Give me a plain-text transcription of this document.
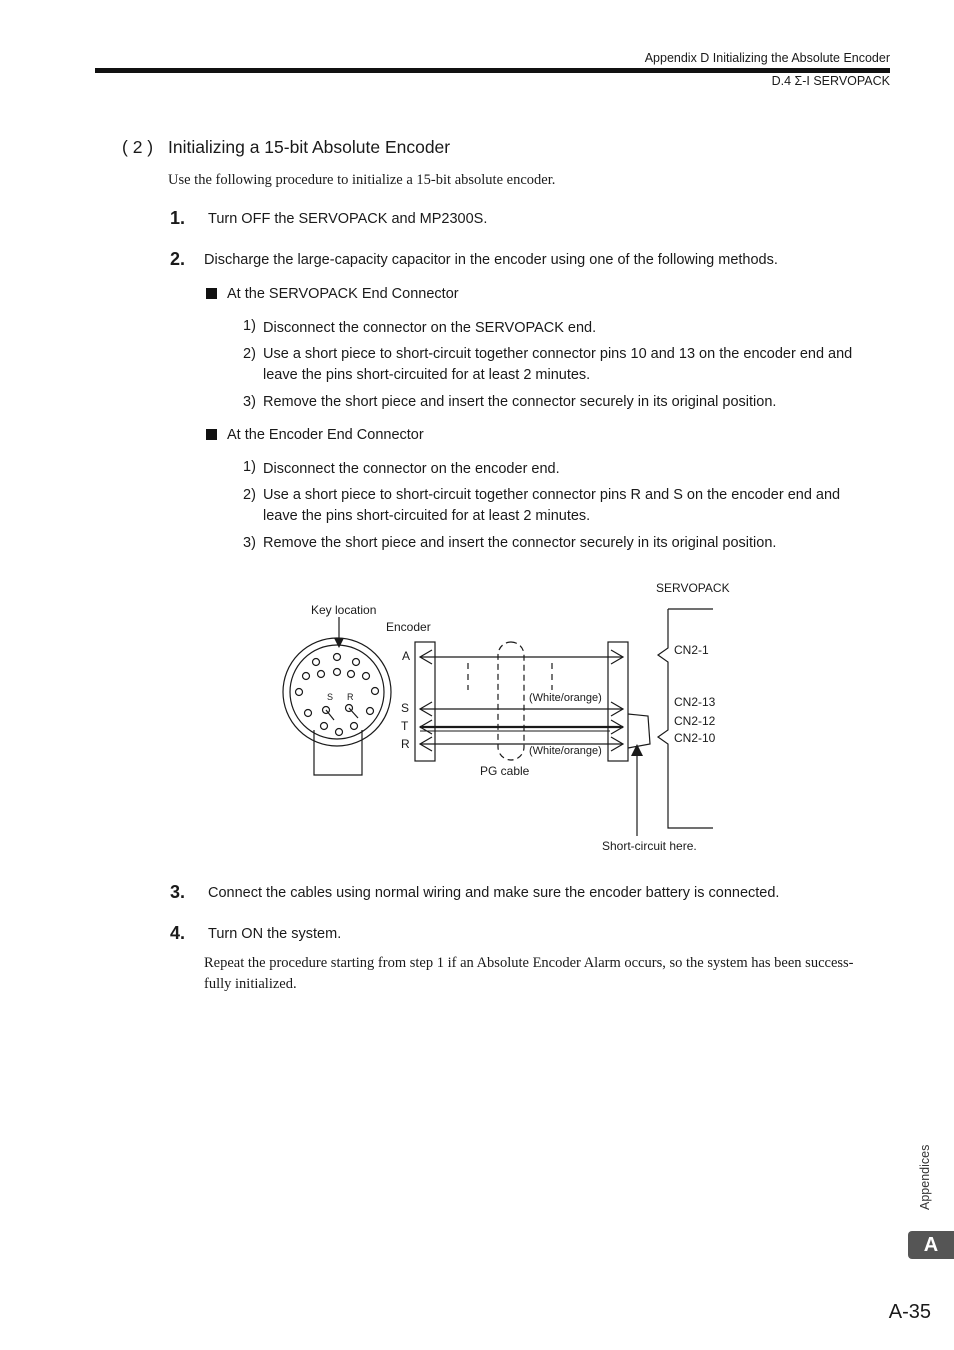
Appendix D Initializing the Absolute Encoder
D.4 Σ-I SERVOPACK
( 2 ) Initializing a 15-bit Absolute Encoder
Use the following procedure to initialize a 15-bit absolute encoder.
1. Turn OFF the SERVOPACK and MP2300S.
2. Discharge the large-capacity capacitor in the encoder using one of the following methods.
At the SERVOPACK End Connector
1) Disconnect the connector on the SERVOPACK end.
2) Use a short piece to short-circuit together connector pins 10 and 13 on the encoder end and
leave the pins short-circuited for at least 2 minutes.
3) Remove the short piece and insert the connector securely in its original position.
At the Encoder End Connector
1) Disconnect the connector on the encoder end.
2) Use a short piece to short-circuit together connector pins R and S on the encoder end and
leave the pins short-circuited for at least 2 minutes.
3) Remove the short piece and insert the connector securely in its original position.
SERVOPACK
Key location
Encoder
A
S
T
R
S R	(White/orange)
(White/orange)
PG cable
CN2-1
CN2-13
CN2-12
CN2-10
Short-circuit here.
3. Connect the cables using normal wiring and make sure the encoder battery is connected.
4. Turn ON the system.
Repeat the procedure starting from step 1 if an Absolute Encoder Alarm occurs, so the system has been success-
fully initialized.
Appendices
A
A-35
